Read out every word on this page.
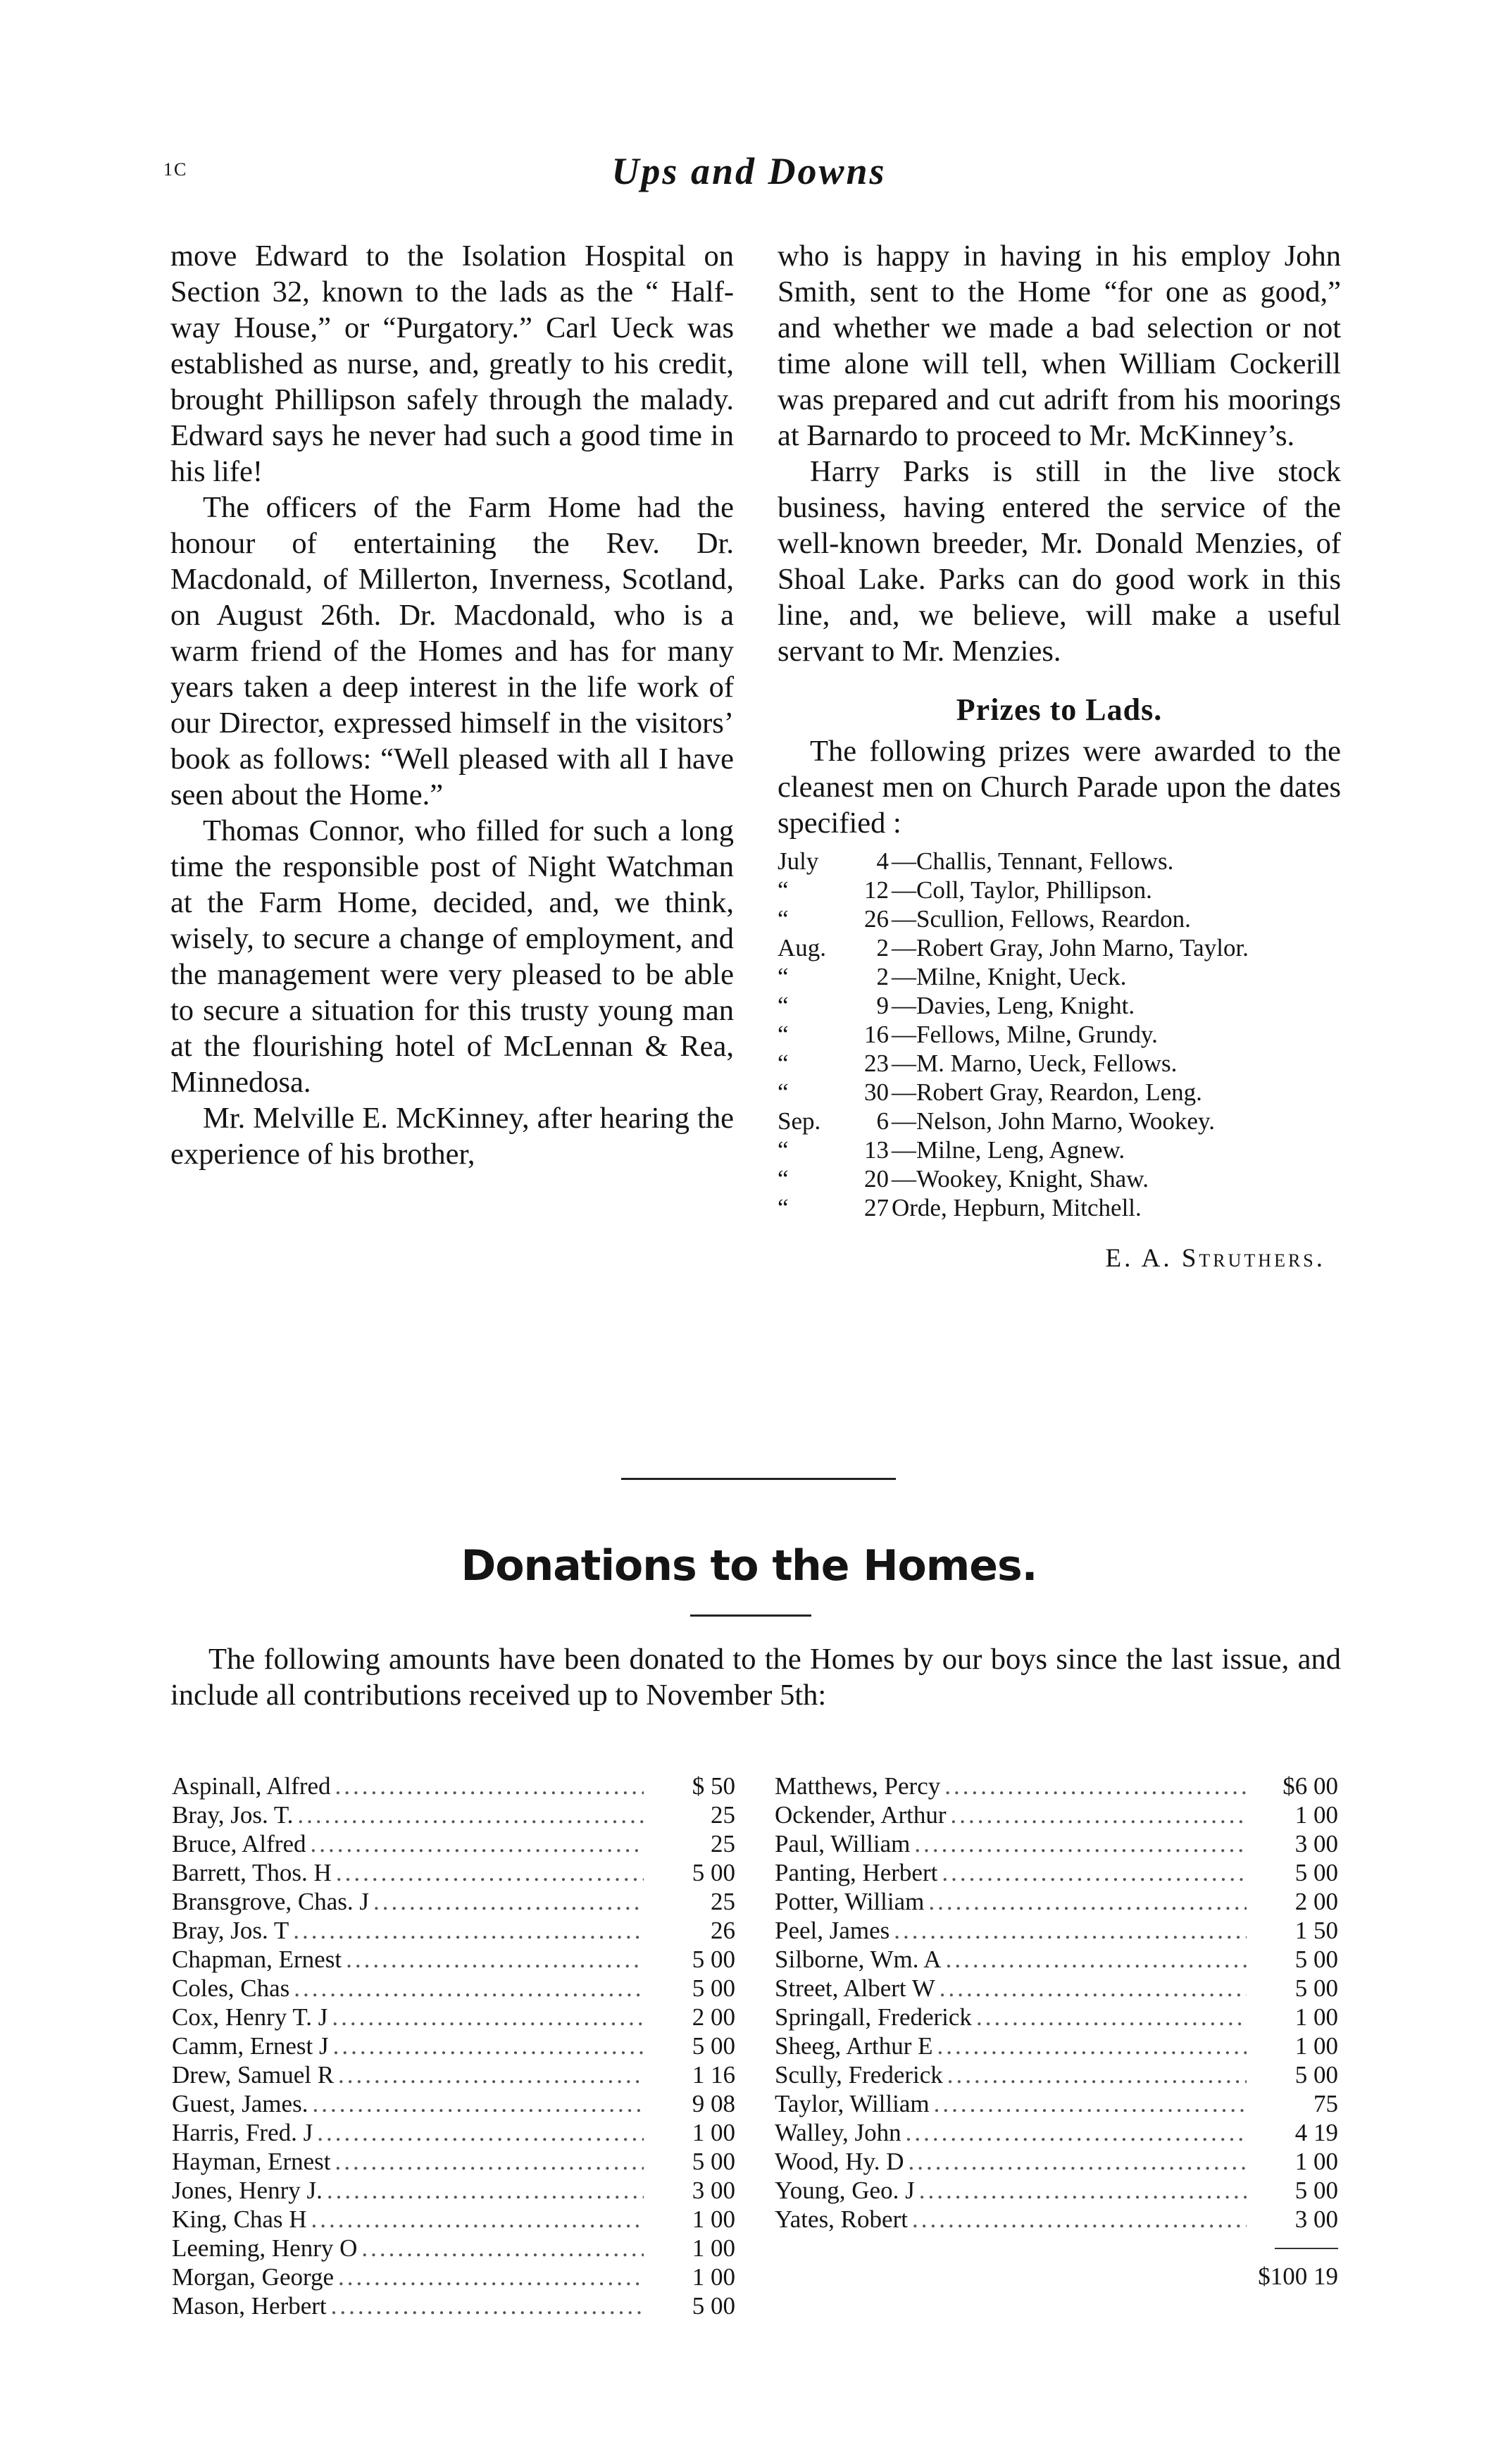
1C	Ups and Downs

move Edward to the Isolation Hospital on Section 32, known to the lads as the “ Half-way House,” or “Purgatory.” Carl Ueck was established as nurse, and, greatly to his credit, brought Phillipson safely through the malady. Edward says he never had such a good time in his life!

The officers of the Farm Home had the honour of entertaining the Rev. Dr. Macdonald, of Millerton, Inverness, Scotland, on August 26th. Dr. Macdonald, who is a warm friend of the Homes and has for many years taken a deep interest in the life work of our Director, expressed himself in the visitors’ book as follows: “Well pleased with all I have seen about the Home.”

Thomas Connor, who filled for such a long time the responsible post of Night Watchman at the Farm Home, decided, and, we think, wisely, to secure a change of employment, and the management were very pleased to be able to secure a situation for this trusty young man at the flourishing hotel of McLennan & Rea, Minnedosa.

Mr. Melville E. McKinney, after hearing the experience of his brother,

who is happy in having in his employ John Smith, sent to the Home “for one as good,” and whether we made a bad selection or not time alone will tell, when William Cockerill was prepared and cut adrift from his moorings at Barnardo to proceed to Mr. McKinney’s.

Harry Parks is still in the live stock business, having entered the service of the well-known breeder, Mr. Donald Menzies, of Shoal Lake. Parks can do good work in this line, and, we believe, will make a useful servant to Mr. Menzies.

Prizes to Lads.

The following prizes were awarded to the cleanest men on Church Parade upon the dates specified :

July	4 —Challis, Tennant, Fellows.
“	12 —Coll, Taylor, Phillipson.
“	26 —Scullion, Fellows, Reardon.
Aug.	2 —Robert Gray, John Marno, Taylor.
“	2 —Milne, Knight, Ueck.
“	9 —Davies, Leng, Knight.
“	16 —Fellows, Milne, Grundy.
“	23 —M. Marno, Ueck, Fellows.
“	30 —Robert Gray, Reardon, Leng.
Sep.	6 —Nelson, John Marno, Wookey.
“	13 —Milne, Leng, Agnew.
“	20 —Wookey, Knight, Shaw.
“	27 Orde, Hepburn, Mitchell.
E. A. Struthers.
Donations to the Homes.

The following amounts have been donated to the Homes by our boys since the last issue, and include all contributions received up to November 5th:

Aspinall, Alfred .....	$ 50
Bray, Jos. T. .....	25
Bruce, Alfred .....	25
Barrett, Thos. H .....	5 00
Bransgrove, Chas. J .....	25
Bray, Jos. T .....	26
Chapman, Ernest .....	5 00
Coles, Chas .....	5 00
Cox, Henry T. J .....	2 00
Camm, Ernest J .....	5 00
Drew, Samuel R .....	1 16
Guest, James. .....	9 08
Harris, Fred. J .....	1 00
Hayman, Ernest .....	5 00
Jones, Henry J. .....	3 00
King, Chas H .....	1 00
Leeming, Henry O .....	1 00
Morgan, George .....	1 00
Mason, Herbert .....	5 00
Matthews, Percy .....	$6 00
Ockender, Arthur .....	1 00
Paul, William .....	3 00
Panting, Herbert .....	5 00
Potter, William .....	2 00
Peel, James .....	1 50
Silborne, Wm. A .....	5 00
Street, Albert W .....	5 00
Springall, Frederick .....	1 00
Sheeg, Arthur E .....	1 00
Scully, Frederick .....	5 00
Taylor, William .....	75
Walley, John .....	4 19
Wood, Hy. D .....	1 00
Young, Geo. J .....	5 00
Yates, Robert .....	3 00
$100 19
